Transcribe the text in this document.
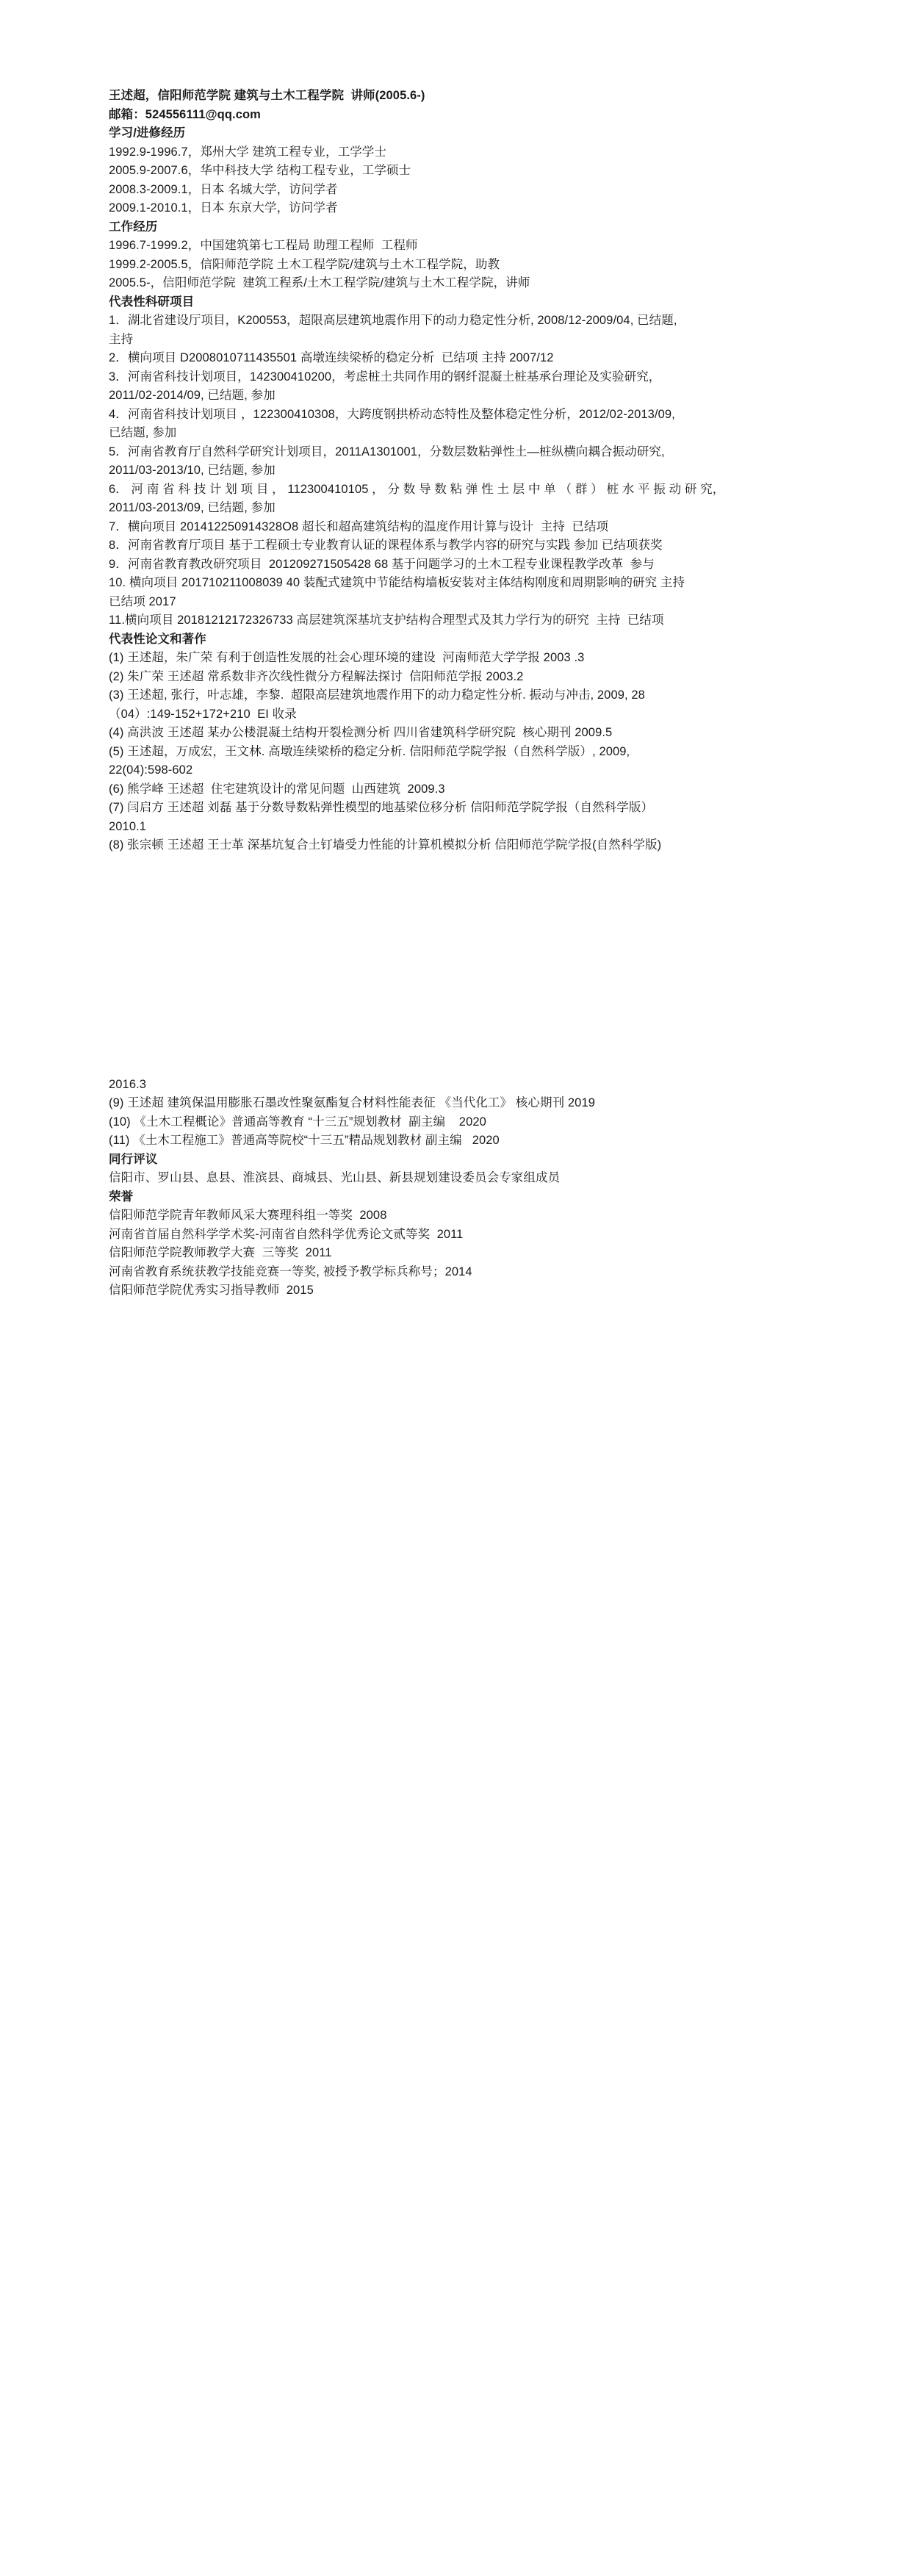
王述超，信阳师范学院 建筑与土木工程学院  讲师(2005.6-)
邮箱：524556111@qq.com
学习/进修经历
1992.9-1996.7，郑州大学 建筑工程专业，工学学士
2005.9-2007.6，华中科技大学 结构工程专业，工学硕士
2008.3-2009.1，日本 名城大学，访问学者
2009.1-2010.1，日本 东京大学，访问学者
工作经历
1996.7-1999.2，中国建筑第七工程局 助理工程师  工程师
1999.2-2005.5，信阳师范学院 土木工程学院/建筑与土木工程学院，助教
2005.5-，信阳师范学院  建筑工程系/土木工程学院/建筑与土木工程学院，讲师
代表性科研项目
1．湖北省建设厅项目，K200553，超限高层建筑地震作用下的动力稳定性分析, 2008/12-2009/04, 已结题,
主持
2．横向项目 D2008010711435501 高墩连续梁桥的稳定分析  已结项 主持 2007/12
3．河南省科技计划项目，142300410200，考虑桩土共同作用的钢纤混凝土桩基承台理论及实验研究，
2011/02-2014/09, 已结题, 参加
4．河南省科技计划项目 ，122300410308，大跨度钢拱桥动态特性及整体稳定性分析，2012/02-2013/09,
已结题, 参加
5．河南省教育厅自然科学研究计划项目，2011A1301001，分数层数粘弹性土—桩纵横向耦合振动研究,
2011/03-2013/10, 已结题, 参加
6． 河 南 省 科 技 计 划 项 目 ， 112300410105 ， 分 数 导 数 粘 弹 性 土 层 中 单 （ 群 ） 桩 水 平 振 动 研 究，
2011/03-2013/09, 已结题, 参加
7．横向项目 201412250914328O8 超长和超高建筑结构的温度作用计算与设计  主持  已结项
8．河南省教育厅项目 基于工程硕士专业教育认证的课程体系与教学内容的研究与实践 参加 已结项获奖
9．河南省教育教改研究项目  201209271505428 68 基于问题学习的土木工程专业课程教学改革  参与
10. 横向项目 201710211008039 40 装配式建筑中节能结构墙板安装对主体结构刚度和周期影响的研究 主持
已结项 2017
11.横向项目 20181212172326733 高层建筑深基坑支护结构合理型式及其力学行为的研究  主持  已结项
代表性论文和著作
(1) 王述超，朱广荣 有利于创造性发展的社会心理环境的建设  河南师范大学学报 2003 .3
(2) 朱广荣 王述超 常系数非齐次线性微分方程解法探讨  信阳师范学报 2003.2
(3) 王述超, 张行，叶志雄，李黎.  超限高层建筑地震作用下的动力稳定性分析. 振动与冲击, 2009, 28
（04）:149-152+172+210  EI 收录
(4) 高洪波 王述超 某办公楼混凝土结构开裂检测分析 四川省建筑科学研究院  核心期刊 2009.5
(5) 王述超，万成宏，王文林. 高墩连续梁桥的稳定分析. 信阳师范学院学报（自然科学版）, 2009,
22(04):598-602
(6) 熊学峰 王述超  住宅建筑设计的常见问题  山西建筑  2009.3
(7) 闫启方 王述超 刘磊 基于分数导数粘弹性模型的地基梁位移分析 信阳师范学院学报（自然科学版）
2010.1
(8) 张宗顿 王述超 王士革 深基坑复合土钉墙受力性能的计算机模拟分析 信阳师范学院学报(自然科学版)
2016.3
(9) 王述超 建筑保温用膨胀石墨改性聚氨酯复合材料性能表征 《当代化工》 核心期刊 2019
(10) 《土木工程概论》普通高等教育 “十三五”规划教材  副主编    2020
(11) 《土木工程施工》普通高等院校“十三五”精品规划教材 副主编   2020
同行评议
信阳市、罗山县、息县、淮滨县、商城县、光山县、新县规划建设委员会专家组成员
荣誉
信阳师范学院青年教师风采大赛理科组一等奖  2008
河南省首届自然科学学术奖-河南省自然科学优秀论文贰等奖  2011
信阳师范学院教师教学大赛  三等奖  2011
河南省教育系统获教学技能竞赛一等奖, 被授予教学标兵称号；2014
信阳师范学院优秀实习指导教师  2015
